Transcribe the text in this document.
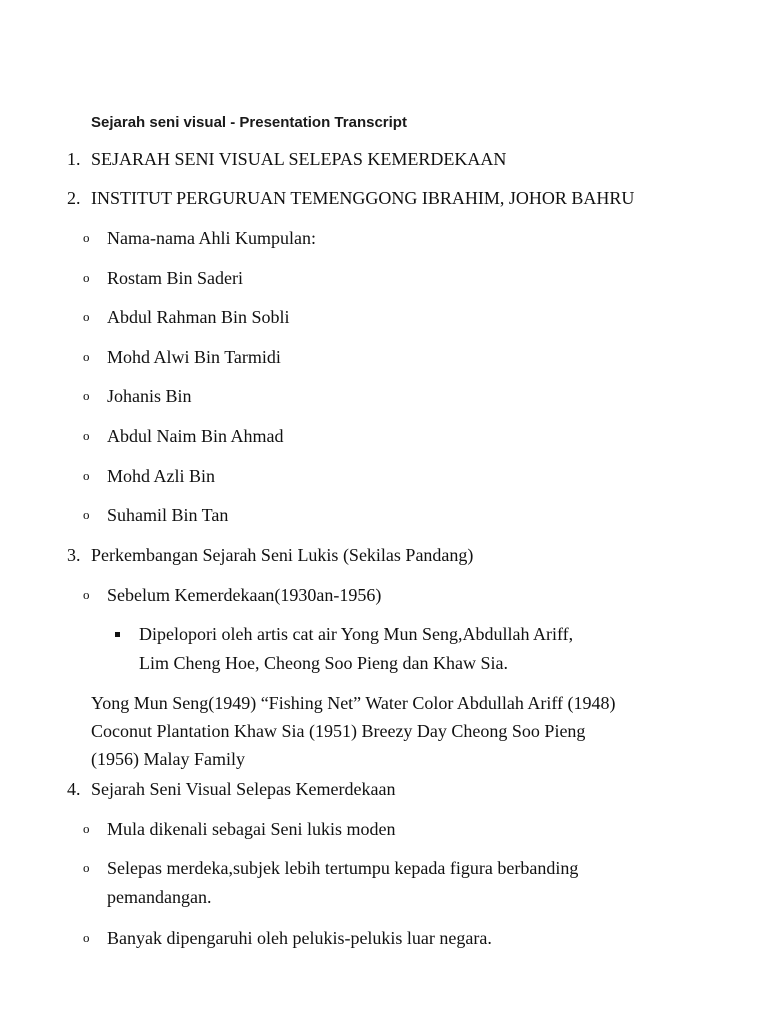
Sejarah seni visual - Presentation Transcript
1. SEJARAH SENI VISUAL SELEPAS KEMERDEKAAN
2. INSTITUT PERGURUAN TEMENGGONG IBRAHIM, JOHOR BAHRU
o Nama-nama Ahli Kumpulan:
o Rostam Bin Saderi
o Abdul Rahman Bin Sobli
o Mohd Alwi Bin Tarmidi
o Johanis Bin
o Abdul Naim Bin Ahmad
o Mohd Azli Bin
o Suhamil Bin Tan
3. Perkembangan Sejarah Seni Lukis (Sekilas Pandang)
o Sebelum Kemerdekaan(1930an-1956)
Dipelopori oleh artis cat air Yong Mun Seng,Abdullah Ariff,
Lim Cheng Hoe, Cheong Soo Pieng dan Khaw Sia.
Yong Mun Seng(1949) “Fishing Net” Water Color Abdullah Ariff (1948)
Coconut Plantation Khaw Sia (1951) Breezy Day Cheong Soo Pieng
(1956) Malay Family
4. Sejarah Seni Visual Selepas Kemerdekaan
o Mula dikenali sebagai Seni lukis moden
o Selepas merdeka,subjek lebih tertumpu kepada figura berbanding
pemandangan.
o Banyak dipengaruhi oleh pelukis-pelukis luar negara.
